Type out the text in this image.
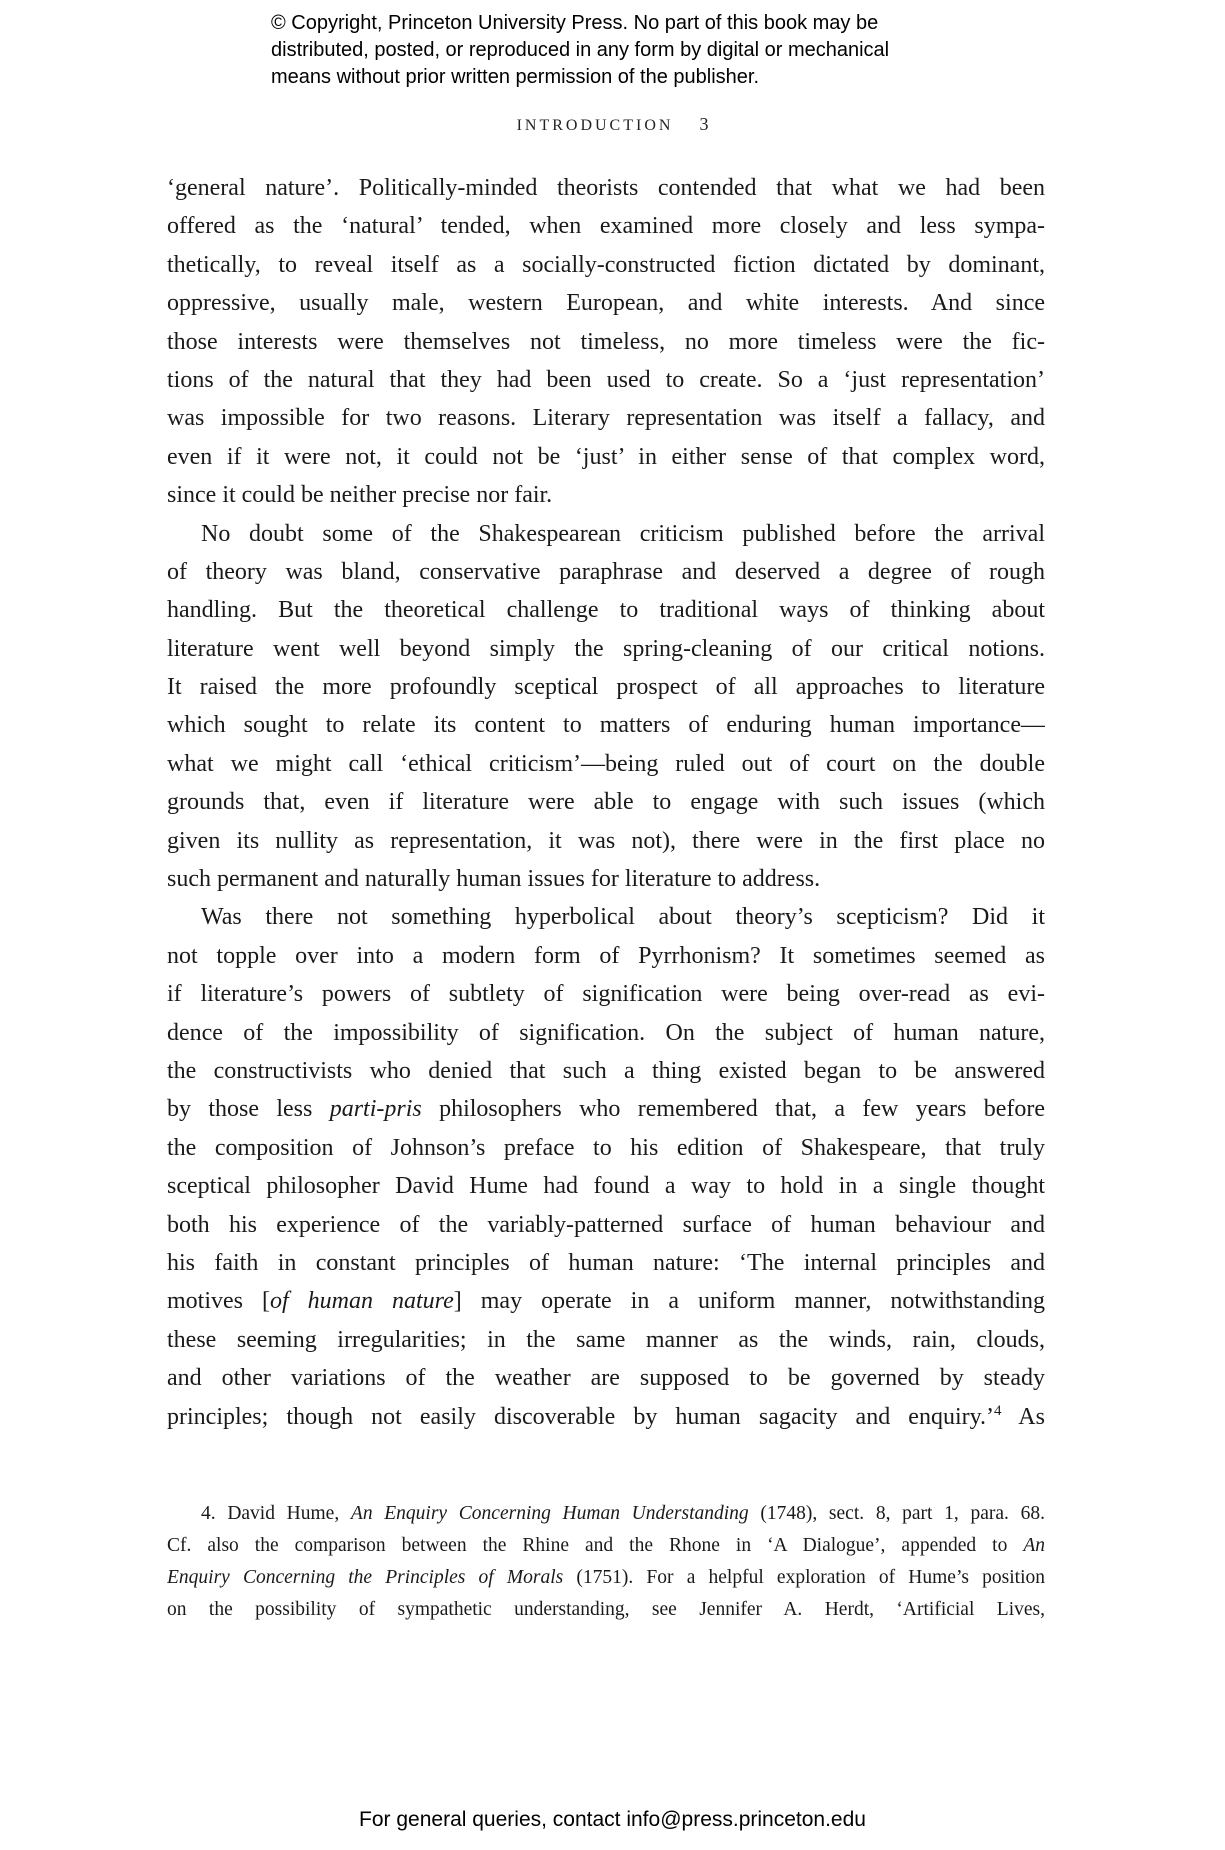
© Copyright, Princeton University Press. No part of this book may be
distributed, posted, or reproduced in any form by digital or mechanical
means without prior written permission of the publisher.
INTRODUCTION 3
‘general nature’. Politically-minded theorists contended that what we had been
offered as the ‘natural’ tended, when examined more closely and less sympa-
thetically, to reveal itself as a socially-constructed fiction dictated by dominant,
oppressive, usually male, western European, and white interests. And since
those interests were themselves not timeless, no more timeless were the fic-
tions of the natural that they had been used to create. So a ‘just representation’
was impossible for two reasons. Literary representation was itself a fallacy, and
even if it were not, it could not be ‘just’ in either sense of that complex word,
since it could be neither precise nor fair.
No doubt some of the Shakespearean criticism published before the arrival
of theory was bland, conservative paraphrase and deserved a degree of rough
handling. But the theoretical challenge to traditional ways of thinking about
literature went well beyond simply the spring-cleaning of our critical notions.
It raised the more profoundly sceptical prospect of all approaches to literature
which sought to relate its content to matters of enduring human importance—
what we might call ‘ethical criticism’—being ruled out of court on the double
grounds that, even if literature were able to engage with such issues (which
given its nullity as representation, it was not), there were in the first place no
such permanent and naturally human issues for literature to address.
Was there not something hyperbolical about theory’s scepticism? Did it
not topple over into a modern form of Pyrrhonism? It sometimes seemed as
if literature’s powers of subtlety of signification were being over-read as evi-
dence of the impossibility of signification. On the subject of human nature,
the constructivists who denied that such a thing existed began to be answered
by those less parti-pris philosophers who remembered that, a few years before
the composition of Johnson’s preface to his edition of Shakespeare, that truly
sceptical philosopher David Hume had found a way to hold in a single thought
both his experience of the variably-patterned surface of human behaviour and
his faith in constant principles of human nature: ‘The internal principles and
motives [of human nature] may operate in a uniform manner, notwithstanding
these seeming irregularities; in the same manner as the winds, rain, clouds,
and other variations of the weather are supposed to be governed by steady
principles; though not easily discoverable by human sagacity and enquiry.’$^4$ As
4. David Hume, An Enquiry Concerning Human Understanding (1748), sect. 8, part 1, para. 68.
Cf. also the comparison between the Rhine and the Rhone in ‘A Dialogue’, appended to An
Enquiry Concerning the Principles of Morals (1751). For a helpful exploration of Hume’s position
on the possibility of sympathetic understanding, see Jennifer A. Herdt, ‘Artificial Lives,
For general queries, contact info@press.princeton.edu
